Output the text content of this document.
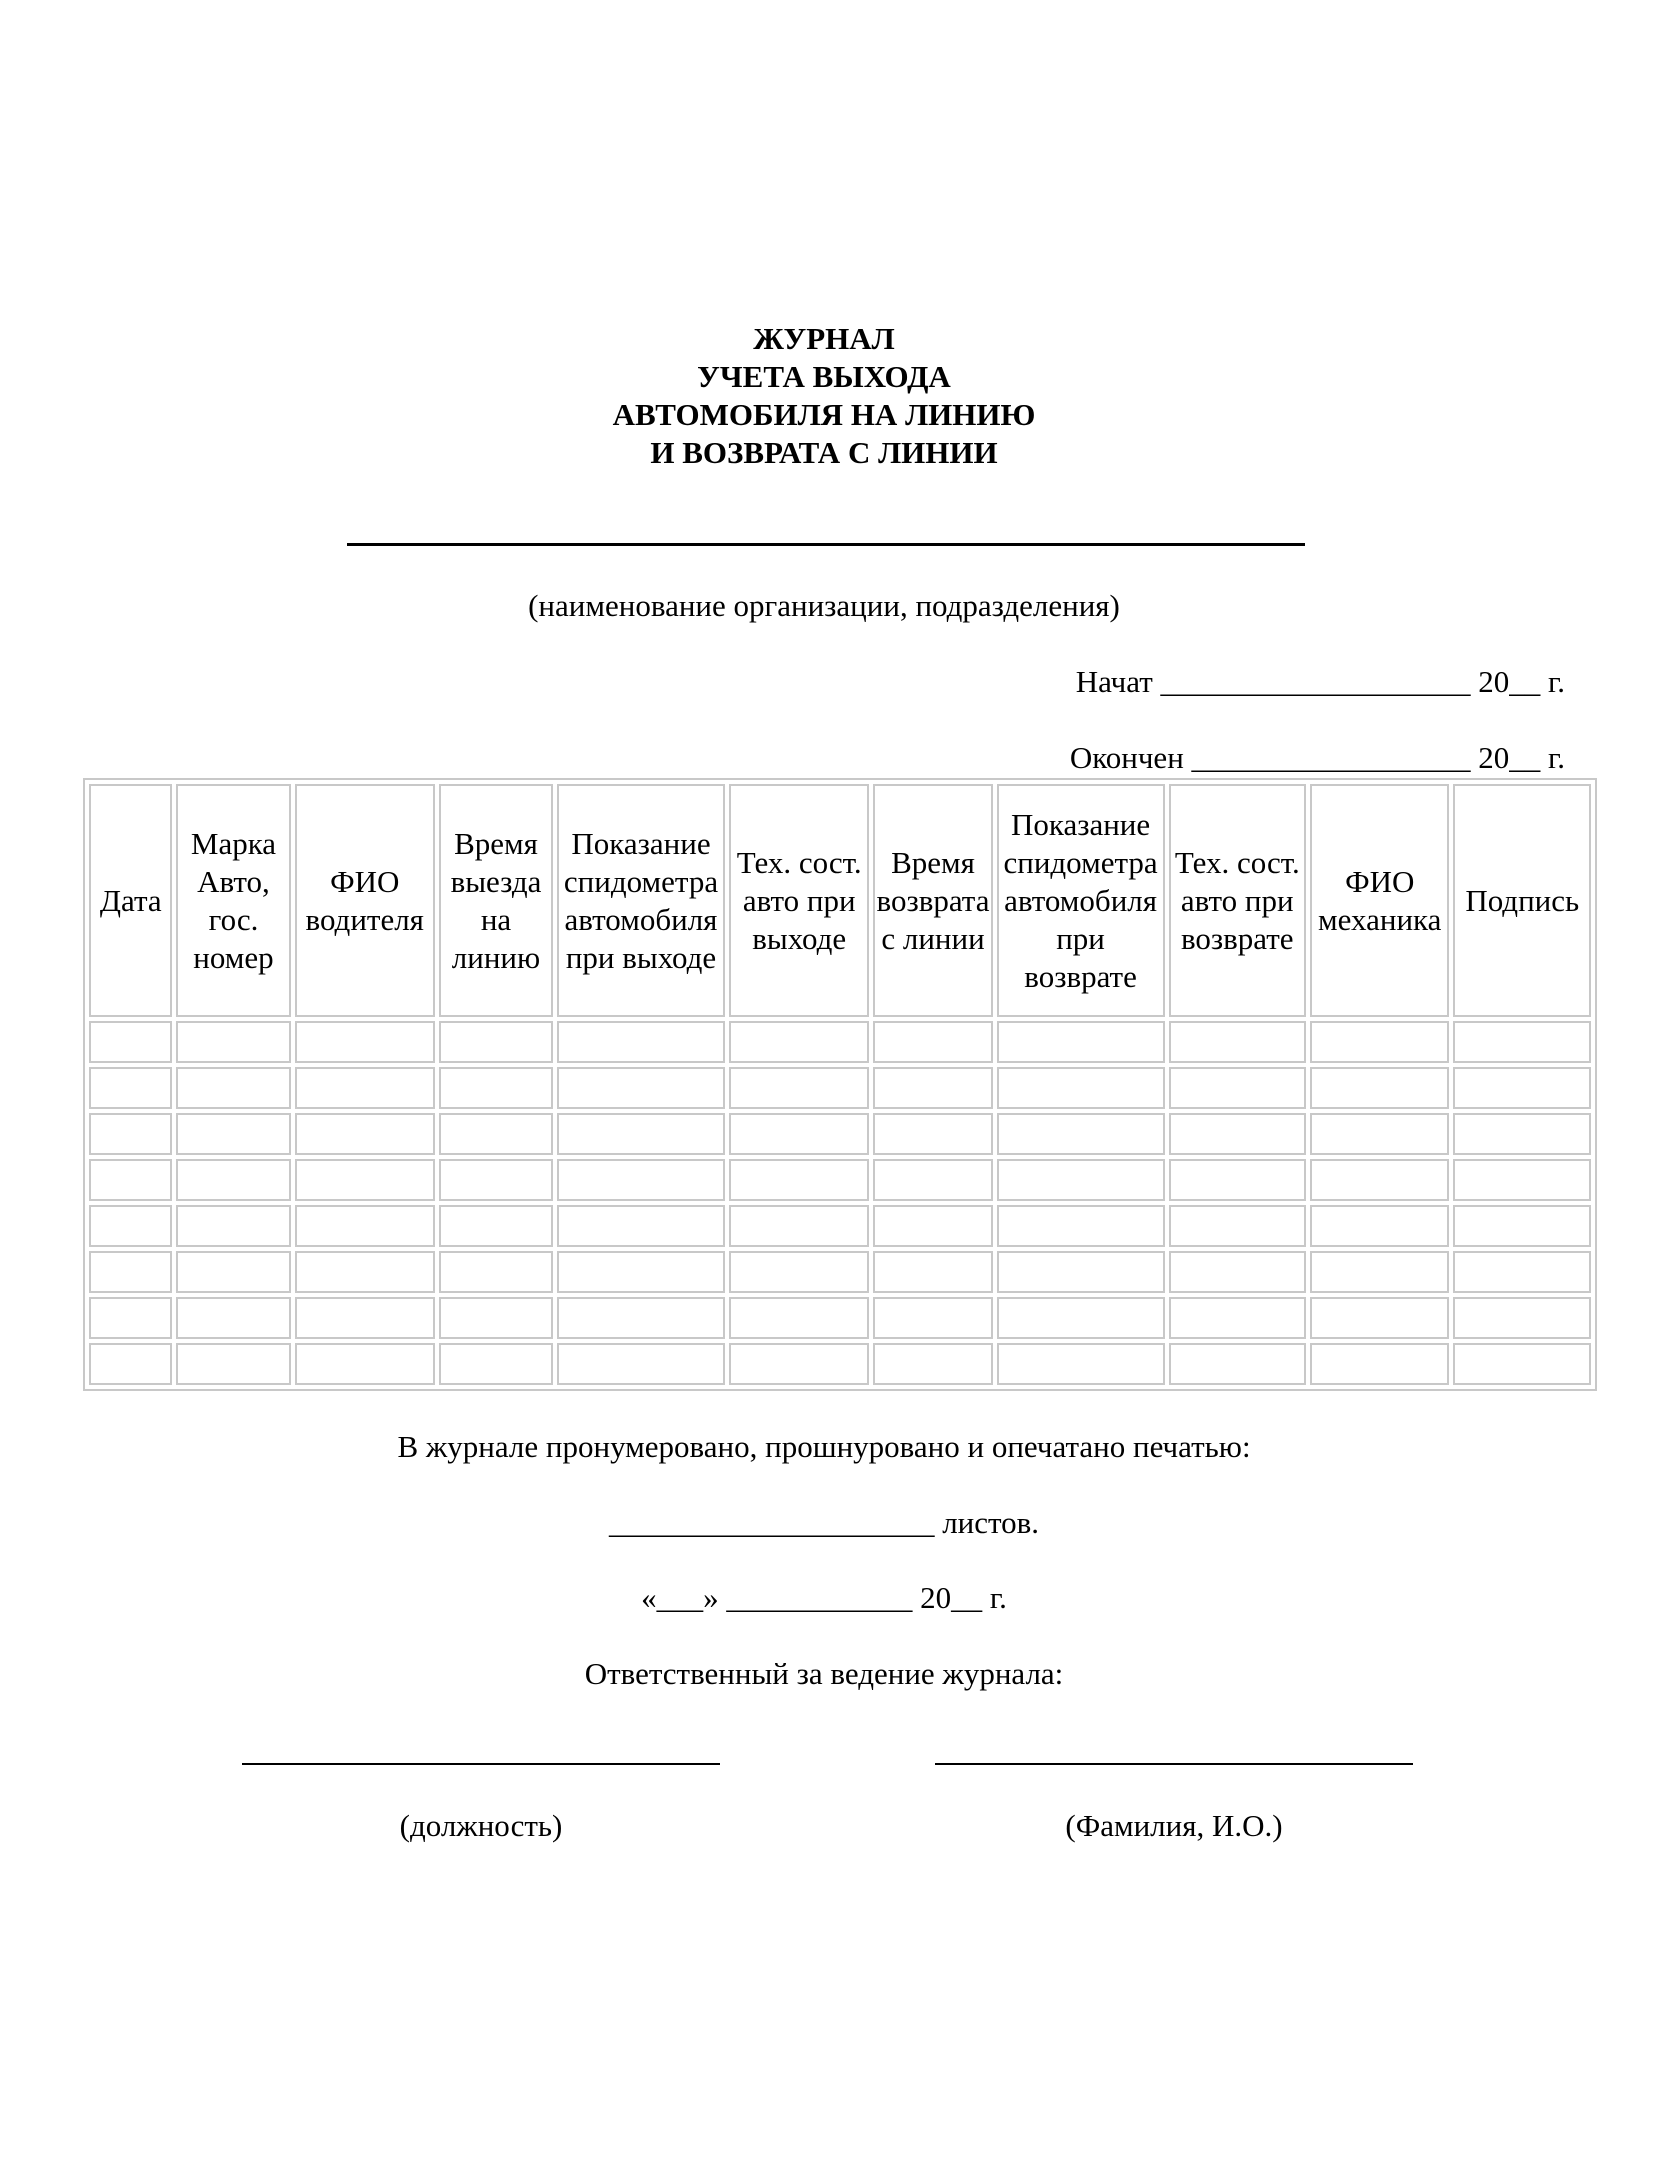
ЖУРНАЛ
УЧЕТА ВЫХОДА
АВТОМОБИЛЯ НА ЛИНИЮ
И ВОЗВРАТА С ЛИНИИ
(наименование организации, подразделения)
Начат ____________________ 20__ г.
Окончен __________________ 20__ г.
Дата	Марка Авто, гос. номер	ФИО водителя	Время выезда на линию	Показание спидометра автомобиля при выходе	Тех. сост. авто при выходе	Время возврата с линии	Показание спидометра автомобиля при возврате	Тех. сост. авто при возврате	ФИО механика	Подпись

В журнале пронумеровано, прошнуровано и опечатано печатью:
_____________________ листов.
«___» ____________ 20__ г.
Ответственный за ведение журнала:
(должность)	(Фамилия, И.О.)
